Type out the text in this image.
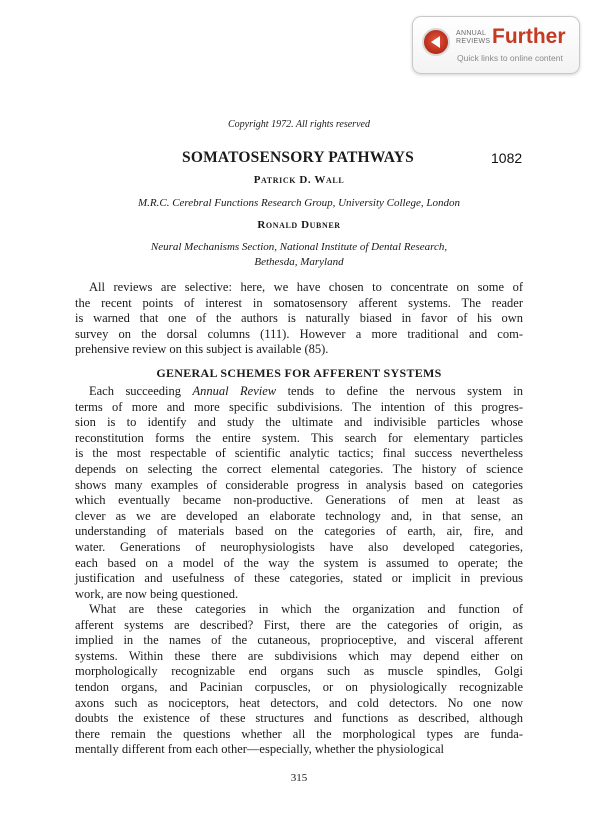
ANNUAL REVIEWS Further
Quick links to online content
Copyright 1972. All rights reserved
SOMATOSENSORY PATHWAYS	1082
Patrick D. Wall
M.R.C. Cerebral Functions Research Group, University College, London
Ronald Dubner
Neural Mechanisms Section, National Institute of Dental Research,
Bethesda, Maryland
All reviews are selective: here, we have chosen to concentrate on some of
the recent points of interest in somatosensory afferent systems. The reader
is warned that one of the authors is naturally biased in favor of his own
survey on the dorsal columns (111). However a more traditional and com-
prehensive review on this subject is available (85).
GENERAL SCHEMES FOR AFFERENT SYSTEMS
Each succeeding Annual Review tends to define the nervous system in
terms of more and more specific subdivisions. The intention of this progres-
sion is to identify and study the ultimate and indivisible particles whose
reconstitution forms the entire system. This search for elementary particles
is the most respectable of scientific analytic tactics; final success nevertheless
depends on selecting the correct elemental categories. The history of science
shows many examples of considerable progress in analysis based on categories
which eventually became non-productive. Generations of men at least as
clever as we are developed an elaborate technology and, in that sense, an
understanding of materials based on the categories of earth, air, fire, and
water. Generations of neurophysiologists have also developed categories,
each based on a model of the way the system is assumed to operate; the
justification and usefulness of these categories, stated or implicit in previous
work, are now being questioned.
What are these categories in which the organization and function of
afferent systems are described? First, there are the categories of origin, as
implied in the names of the cutaneous, proprioceptive, and visceral afferent
systems. Within these there are subdivisions which may depend either on
morphologically recognizable end organs such as muscle spindles, Golgi
tendon organs, and Pacinian corpuscles, or on physiologically recognizable
axons such as nociceptors, heat detectors, and cold detectors. No one now
doubts the existence of these structures and functions as described, although
there remain the questions whether all the morphological types are funda-
mentally different from each other—especially, whether the physiological
315
